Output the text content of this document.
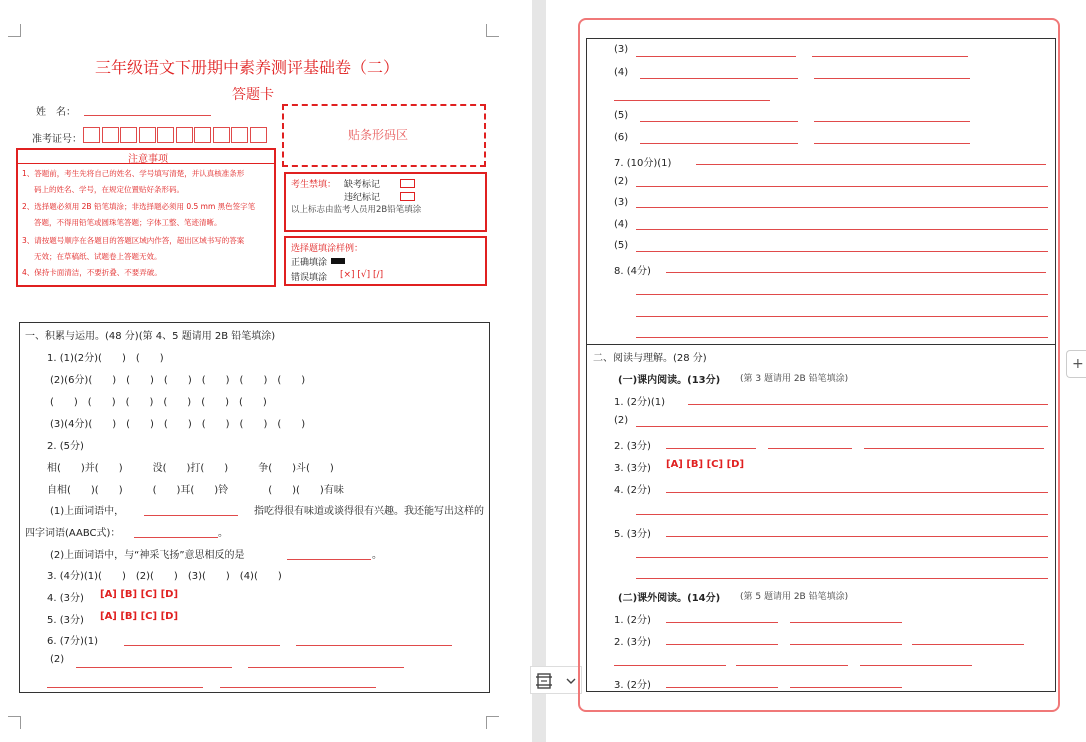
三年级语文下册期中素养测评基础卷（二）
答题卡
姓　名：
准考证号：	贴条形码区
注意事项
1、答题前，考生先将自己的姓名、学号填写清楚，并认真核准条形
码上的姓名、学号，在规定位置贴好条形码。
2、选择题必须用 2B 铅笔填涂；非选择题必须用 0.5 mm 黑色签字笔
答题，不得用铅笔或圆珠笔答题；字体工整、笔迹清晰。
3、请按题号顺序在各题目的答题区域内作答，超出区域书写的答案
无效；在草稿纸、试题卷上答题无效。
4、保持卡面清洁，不要折叠、不要弄破。
考生禁填： 缺考标记
违纪标记
以上标志由监考人员用2B铅笔填涂
选择题填涂样例：
正确填涂
错误填涂 [×] [√] [/]
一、积累与运用。(48 分)(第 4、5 题请用 2B 铅笔填涂)
1. (1)(2分)(　　)　(　　)
(2)(6分)(　　)　(　　)　(　　)　(　　)　(　　)　(　　)
(　　)　(　　)　(　　)　(　　)　(　　)　(　　)
(3)(4分)(　　)　(　　)　(　　)　(　　)　(　　)　(　　)
2. (5分)
相(　　)并(　　)　　　没(　　)打(　　)　　　争(　　)斗(　　)
自相(　　)(　　)　　　(　　)耳(　　)铃　　　　(　　)(　　)有味
(1)上面词语中，	指吃得很有味道或谈得很有兴趣。我还能写出这样的
四字词语(AABC式)：	。
(2)上面词语中，与“神采飞扬”意思相反的是	。
3. (4分)(1)(　　)　(2)(　　)　(3)(　　)　(4)(　　)
4. (3分) [A] [B] [C] [D]
5. (3分) [A] [B] [C] [D]
6. (7分)(1)
(2)
(3)
(4)
(5)
(6)
7. (10分)(1)
(2)
(3)
(4)
(5)
8. (4分)
二、阅读与理解。(28 分)
(一)课内阅读。(13分) (第 3 题请用 2B 铅笔填涂)
1. (2分)(1)
(2)
2. (3分)
3. (3分) [A] [B] [C] [D]
4. (2分)
5. (3分)
(二)课外阅读。(14分) (第 5 题请用 2B 铅笔填涂)
1. (2分)
2. (3分)
3. (2分)
+
